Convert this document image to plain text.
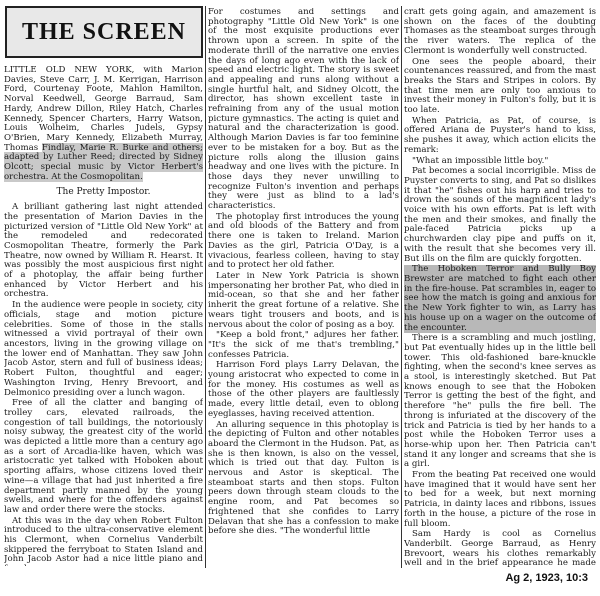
THE SCREEN
LITTLE OLD NEW YORK, with Marion Davies, Steve Carr, J. M. Kerrigan, Harrison Ford, Courtenay Foote, Mahlon Hamilton, Norval Keedwell, George Barraud, Sam Hardy, Andrew Dillon, Riley Hatch, Charles Kennedy, Spencer Charters, Harry Watson, Louis Wolheim, Charles Judels, Gypsy O'Brien, Mary Kennedy, Elizabeth Murray, Thomas Findlay, Marie R. Burke and others; adapted by Luther Reed; directed by Sidney Olcott; special music by Victor Herbert's orchestra. At the Cosmopolitan.
The Pretty Impostor.

A brilliant gathering last night attended the presentation of Marion Davies in the picturized version of "Little Old New York" at the remodeled and redecorated Cosmopolitan Theatre, formerly the Park Theatre, now owned by William R. Hearst. It was possibly the most auspicious first night of a photoplay, the affair being further enhanced by Victor Herbert and his orchestra.

In the audience were people in society, city officials, stage and motion picture celebrities. Some of those in the stalls witnessed a vivid portrayal of their own ancestors, living in the growing village on the lower end of Manhattan. They saw John Jacob Astor, stern and full of business ideas; Robert Fulton, thoughtful and eager; Washington Irving, Henry Brevoort, and Delmonico presiding over a lunch wagon.

Free of all the clatter and banging of trolley cars, elevated railroads, the congestion of tall buildings, the notoriously noisy subway, the greatest city of the world was depicted a little more than a century ago as a sort of Arcadia-like haven, which was aristocratic yet talked with Hoboken about sporting affairs, whose citizens loved their wine—a village that had just inherited a fire department partly manned by the young swells, and where for the offenders against law and order there were the stocks.

At this was in the day when Robert Fulton introduced to the ultra-conservative element his Clermont, when Cornelius Vanderbilt skippered the ferryboat to Staten Island and John Jacob Astor had a nice little piano and

For costumes and settings and photography "Little Old New York" is one of the most exquisite productions ever thrown upon a screen. In spite of the moderate thrill of the narrative one envies the days of long ago even with the lack of speed and electric light. The story is sweet and appealing and runs along without a single hurtful halt, and Sidney Olcott, the director, has shown excellent taste in refraining from any of the usual motion picture gymnastics. The acting is quiet and natural and the characterization is good. Although Marion Davies is far too feminine ever to be mistaken for a boy. But as the picture rolls along the illusion gains headway and one lives with the picture. In those days they never unwilling to recognize Fulton's invention and perhaps they were just as blind to a lad's characteristics.

The photoplay first introduces the young and old bloods of the Battery and from there one is taken to Ireland. Marion Davies as the girl, Patricia O'Day, is a vivacious, fearless colleen, having to stay and to protect her old father.

Later in New York Patricia is shown impersonating her brother Pat, who died in mid-ocean, so that she and her father inherit the great fortune of a relative. She wears tight trousers and boots, and is nervous about the color of posing as a boy.

"Keep a bold front," adjures her father. "It's the sick of me that's trembling," confesses Patricia.

Harrison Ford plays Larry Delavan, the young aristocrat who expected to come in for the money. His costumes as well as those of the other players are faultlessly made, every little detail, even to oblong eyeglasses, having received attention.

An alluring sequence in this photoplay is the depicting of Fulton and other notables aboard the Clermont in the Hudson. Pat, as she is then known, is also on the vessel, which is tried out that day. Fulton is nervous and Astor is skeptical. The steamboat starts and then stops. Fulton peers down through steam clouds to the engine room, and Pat becomes so frightened that she confides to Larry Delavan that she has a confession to make before she dies. "The wonderful little

craft gets going again, and amazement is shown on the faces of the doubting Thomases as the steamboat surges through the river waters. The replica of the Clermont is wonderfully well constructed.

One sees the people aboard, their countenances reassured, and from the mast breaks the Stars and Stripes in colors. By that time men are only too anxious to invest their money in Fulton's folly, but it is too late.

When Patricia, as Pat, of course, is offered Ariana de Puyster's hand to kiss, she pushes it away, which action elicits the remark:

"What an impossible little boy."

Pat becomes a social incorrigible. Miss de Puyster converts to sing, and Pat so dislikes it that "he" fishes out his harp and tries to drown the sounds of the magnificent lady's voice with his own efforts. Pat is left with the men and their smokes, and finally the pale-faced Patricia picks up a churchwarden clay pipe and puffs on it, with the result that she becomes very ill. But ills on the film are quickly forgotten.

The Hoboken Terror and Bully Boy Brewster are matched to fight each other in the fire-house. Pat scrambles in, eager to see how the match is going and anxious for the New York fighter to win, as Larry has his house up on a wager on the outcome of the encounter.

There is a scrambling and much jostling, but Pat eventually hides up in the little bell tower. This old-fashioned bare-knuckle fighting, when the second's knee serves as a stool, is interestingly sketched. But Pat knows enough to see that the Hoboken Terror is getting the best of the fight, and therefore "he" pulls the fire bell. The throng is infuriated at the discovery of the trick and Patricia is tied by her hands to a post while the Hoboken Terror uses a horse-whip upon her. Then Patricia can't stand it any longer and screams that she is a girl.

From the beating Pat received one would have imagined that it would have sent her to bed for a week, but next morning Patricia, in dainty laces and ribbons, issues forth in the house, a picture of the rose in full bloom.

Sam Hardy is cool as Cornelius Vanderbilt. George Barraud, as Henry Brevoort, wears his clothes remarkably well and in the brief appearance he made

Ag 2, 1923, 10:3
